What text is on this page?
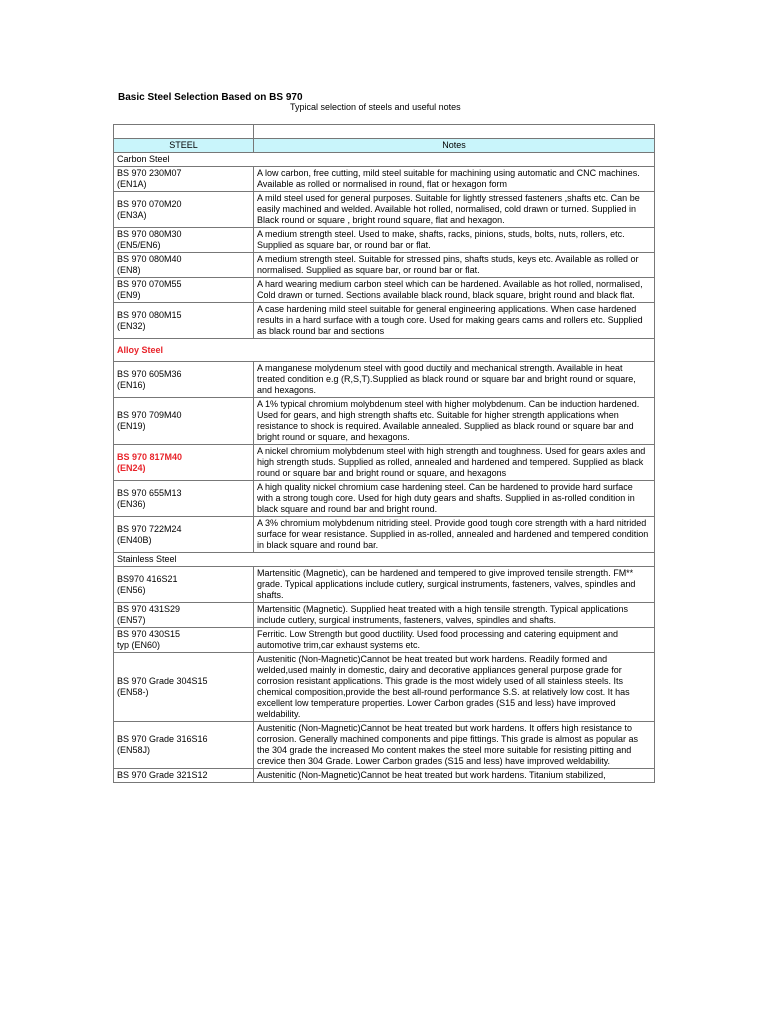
Basic Steel Selection Based on BS 970
Typical selection of steels and useful notes

STEEL	Notes
Carbon Steel	

BS 970 230M07
(EN1A)	A low carbon, free cutting, mild steel suitable for machining using automatic and CNC machines. Available as rolled or normalised in round, flat or hexagon form

BS 970 070M20
(EN3A)	A mild steel used for general purposes. Suitable for lightly stressed fasteners ,shafts etc. Can be easily machined and welded. Available hot rolled, normalised, cold drawn or turned. Supplied in Black round or square , bright round square, flat and hexagon.

BS 970 080M30
(EN5/EN6)	A medium strength steel. Used to make, shafts, racks, pinions, studs, bolts, nuts, rollers, etc. Supplied as square bar, or round bar or flat.

BS 970 080M40
(EN8)	A medium strength steel. Suitable for stressed pins, shafts studs, keys etc. Available as rolled or normalised. Supplied as square bar, or round bar or flat.

BS 970 070M55
(EN9)	A hard wearing medium carbon steel which can be hardened. Available as hot rolled, normalised, Cold drawn or turned. Sections available black round, black square, bright round and black flat.

BS 970 080M15
(EN32)	A case hardening mild steel suitable for general engineering applications. When case hardened results in a hard surface with a tough core. Used for making gears cams and rollers etc. Supplied as black round bar and sections
Alloy Steel	

BS 970 605M36
(EN16)	A manganese molydenum steel with good ductily and mechanical strength. Available in heat treated condition e.g (R,S,T).Supplied as black round or square bar and bright round or square, and hexagons.

BS 970 709M40
(EN19)	A 1% typical chromium molybdenum steel with higher molybdenum. Can be induction hardened. Used for gears, and high strength shafts etc. Suitable for higher strength applications when resistance to shock is required. Available annealed. Supplied as black round or square bar and bright round or square, and hexagons.

BS 970 817M40
(EN24)	A nickel chromium molybdenum steel with high strength and toughness. Used for gears axles and high strength studs. Supplied as rolled, annealed and hardened and tempered. Supplied as black round or square bar and bright round or square, and hexagons

BS 970 655M13
(EN36)	A high quality nickel chromium case hardening steel. Can be hardened to provide hard surface with a strong tough core. Used for high duty gears and shafts. Supplied in as-rolled condition in black square and round bar and bright round.

BS 970 722M24
(EN40B)	A 3% chromium molybdenum nitriding steel. Provide good tough core strength with a hard nitrided surface for wear resistance. Supplied in as-rolled, annealed and hardened and tempered condition in black square and round bar.
Stainless Steel	

BS970 416S21
(EN56)	Martensitic (Magnetic), can be hardened and tempered to give improved tensile strength. FM** grade. Typical applications include cutlery, surgical instruments, fasteners, valves, spindles and shafts.

BS 970 431S29
(EN57)	Martensitic (Magnetic). Supplied heat treated with a high tensile strength. Typical applications include cutlery, surgical instruments, fasteners, valves, spindles and shafts.

BS 970 430S15
typ (EN60)	Ferritic. Low Strength but good ductility. Used food processing and catering equipment and automotive trim,car exhaust systems etc.

BS 970 Grade 304S15
(EN58-)	Austenitic (Non-Magnetic)Cannot be heat treated but work hardens. Readily formed and welded,used mainly in domestic, dairy and decorative appliances general purpose grade for corrosion resistant applications. This grade is the most widely used of all stainless steels. Its chemical composition,provide the best all-round performance S.S. at relatively low cost. It has excellent low temperature properties. Lower Carbon grades (S15 and less) have improved weldability.

BS 970 Grade 316S16
(EN58J)	Austenitic (Non-Magnetic)Cannot be heat treated but work hardens. It offers high resistance to corrosion. Generally machined components and pipe fittings. This grade is almost as popular as the 304 grade the increased Mo content makes the steel more suitable for resisting pitting and crevice then 304 Grade. Lower Carbon grades (S15 and less) have improved weldability.

BS 970 Grade 321S12	Austenitic (Non-Magnetic)Cannot be heat treated but work hardens. Titanium stabilized,
